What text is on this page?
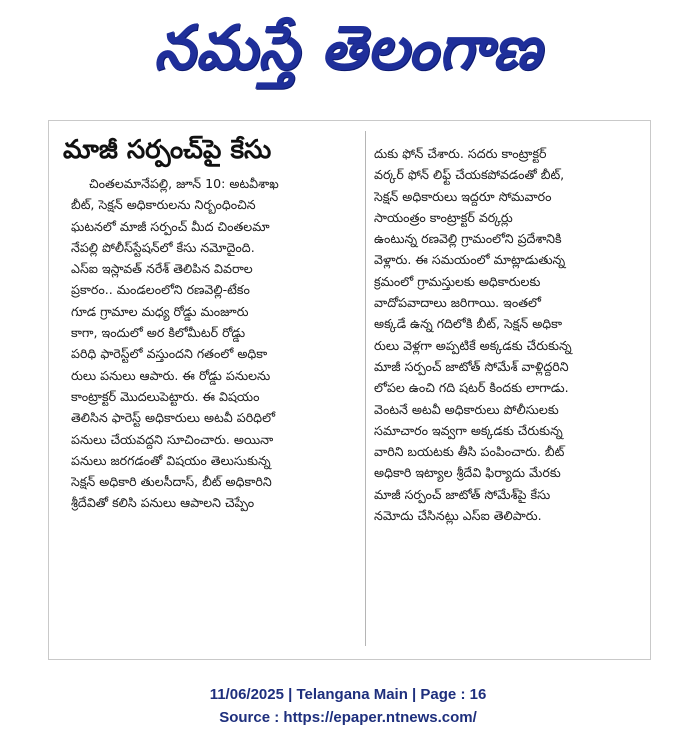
నమస్తే తెలంగాణ
మాజీ సర్పంచ్‌పై కేసు
చింతలమానేపల్లి, జూన్ 10: అటవీశాఖ
బీట్, సెక్షన్ అధికారులను నిర్బంధించిన
ఘటనలో మాజీ సర్పంచ్ మీద చింతలమా
నేపల్లి పోలీస్‌స్టేషన్‌లో కేసు నమోదైంది.
ఎస్ఐ ఇస్లావత్ నరేశ్ తెలిపిన వివరాల
ప్రకారం.. మండలంలోని రణవెల్లి-టేకం
గూడ గ్రామాల మధ్య రోడ్డు మంజూరు
కాగా, ఇందులో అర కిలోమీటర్ రోడ్డు
పరిధి ఫారెస్ట్‌లో వస్తుందని గతంలో అధికా
రులు పనులు ఆపారు. ఈ రోడ్డు పనులను
కాంట్రాక్టర్ మొదలుపెట్టారు. ఈ విషయం
తెలిసిన ఫారెస్ట్ అధికారులు అటవీ పరిధిలో
పనులు చేయవద్దని సూచించారు. అయినా
పనులు జరగడంతో విషయం తెలుసుకున్న
సెక్షన్ అధికారి తులసీదాస్, బీట్ అధికారిని
శ్రీదేవితో కలిసి పనులు ఆపాలని చెప్పేం
దుకు ఫోన్ చేశారు. సదరు కాంట్రాక్టర్
వర్కర్ ఫోన్ లిఫ్ట్ చేయకపోవడంతో బీట్,
సెక్షన్ అధికారులు ఇద్దరూ సోమవారం
సాయంత్రం కాంట్రాక్టర్ వర్కర్లు
ఉంటున్న రణవెల్లి గ్రామంలోని ప్రదేశానికి
వెళ్లారు. ఈ సమయంలో మాట్లాడుతున్న
క్రమంలో గ్రామస్తులకు అధికారులకు
వాదోపవాదాలు జరిగాయి. ఇంతలో
అక్కడే ఉన్న గదిలోకి బీట్, సెక్షన్ అధికా
రులు వెళ్లగా అప్పటికే అక్కడకు చేరుకున్న
మాజీ సర్పంచ్ జాటోత్ సోమేశ్ వాళ్లిద్దరిని
లోపల ఉంచి గది షటర్ కిందకు లాగాడు.
వెంటనే అటవీ అధికారులు పోలీసులకు
సమాచారం ఇవ్వగా అక్కడకు చేరుకున్న
వారిని బయటకు తీసి పంపించారు. బీట్
అధికారి ఇట్యాల శ్రీదేవి ఫిర్యాదు మేరకు
మాజీ సర్పంచ్ జాటోత్ సోమేశ్‌పై కేసు
నమోదు చేసినట్లు ఎస్ఐ తెలిపారు.
11/06/2025 | Telangana Main | Page : 16
Source : https://epaper.ntnews.com/
